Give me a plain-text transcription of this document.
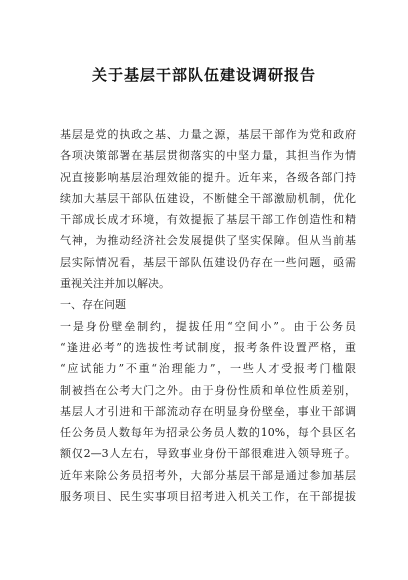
关于基层干部队伍建设调研报告
基层是党的执政之基、力量之源，基层干部作为党和政府
各项决策部署在基层贯彻落实的中坚力量，其担当作为情
况直接影响基层治理效能的提升。近年来，各级各部门持
续加大基层干部队伍建设，不断健全干部激励机制，优化
干部成长成才环境，有效提振了基层干部工作创造性和精
气神，为推动经济社会发展提供了坚实保障。但从当前基
层实际情况看，基层干部队伍建设仍存在一些问题，亟需
重视关注并加以解决。
一、存在问题
一是身份壁垒制约，提拔任用“空间小”。由于公务员
“逢进必考”的选拔性考试制度，报考条件设置严格，重
“应试能力”不重“治理能力”，一些人才受报考门槛限
制被挡在公考大门之外。由于身份性质和单位性质差别，
基层人才引进和干部流动存在明显身份壁垒，事业干部调
任公务员人数每年为招录公务员人数的10%，每个县区名
额仅2—3人左右，导致事业身份干部很难进入领导班子。
近年来除公务员招考外，大部分基层干部是通过参加基层
服务项目、民生实事项目招考进入机关工作，在干部提拔
